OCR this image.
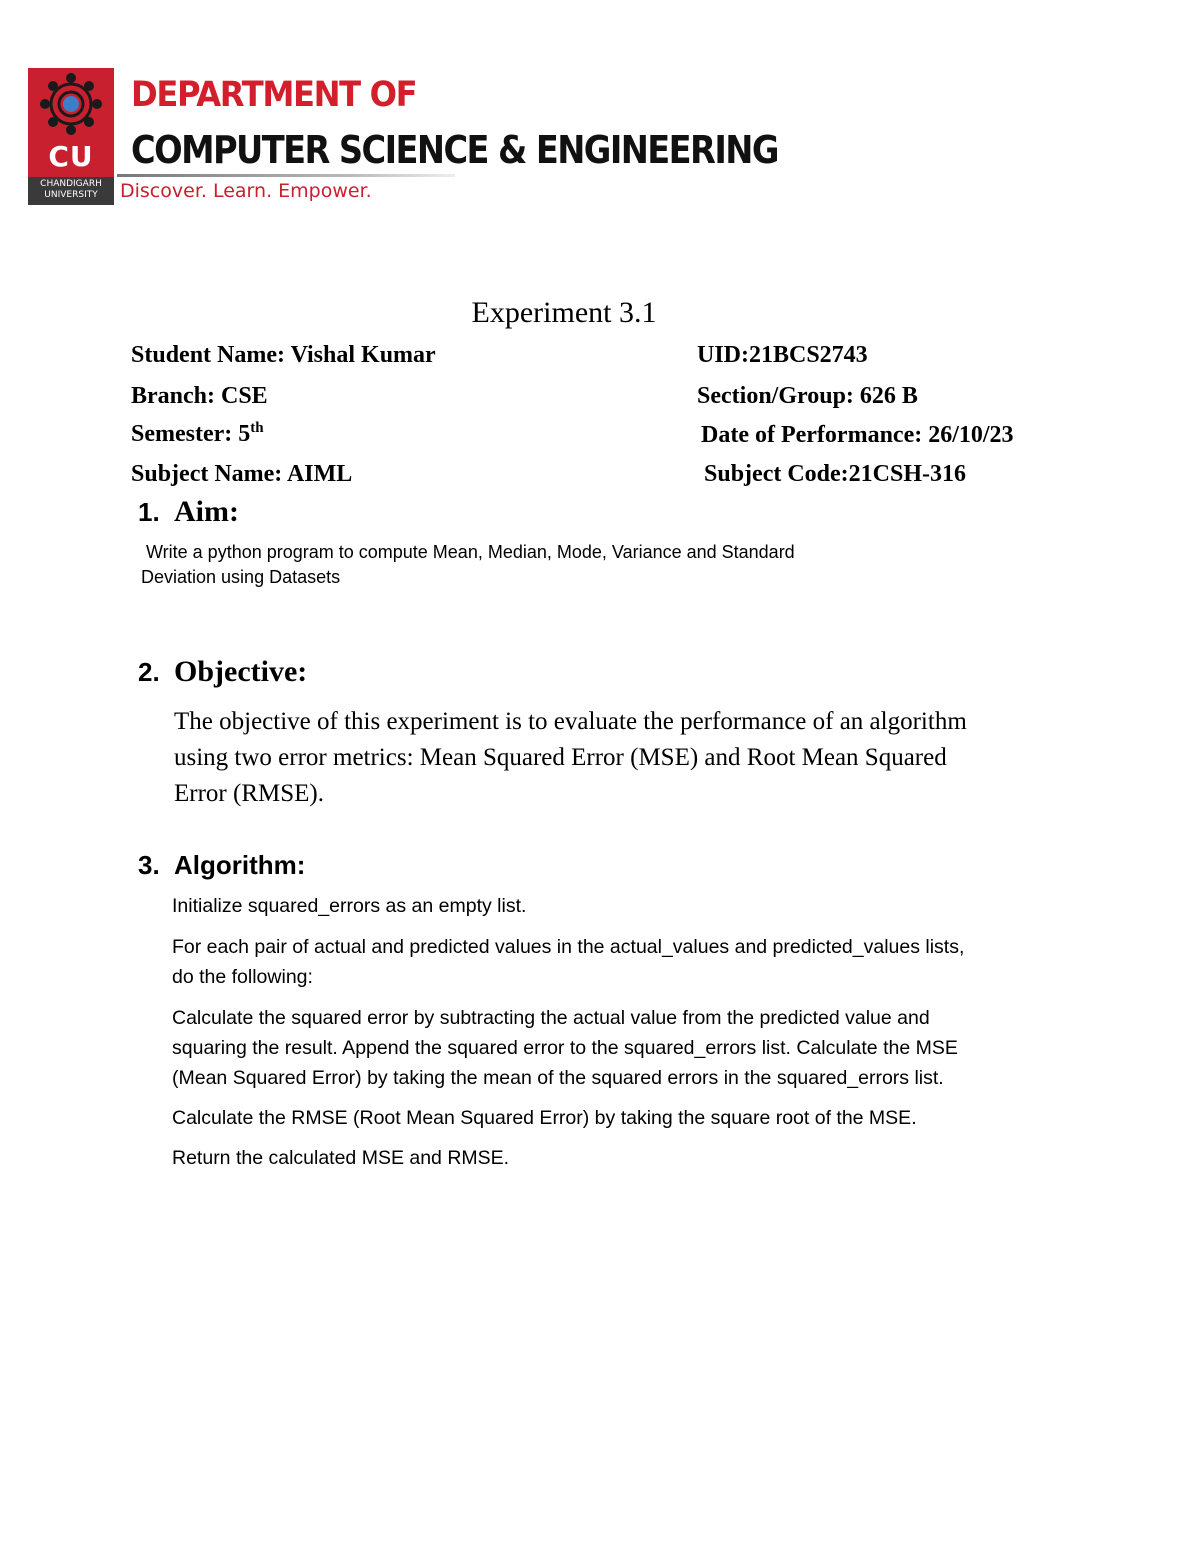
CU
CHANDIGARH
UNIVERSITY
DEPARTMENT OF
COMPUTER SCIENCE & ENGINEERING
Discover. Learn. Empower.
Experiment 3.1
Student Name: Vishal Kumar	UID:21BCS2743
Branch: CSE	Section/Group: 626 B
Semester: 5th	Date of Performance: 26/10/23
Subject Name: AIML	Subject Code:21CSH-316
1. Aim:
Write a python program to compute Mean, Median, Mode, Variance and Standard
Deviation using Datasets
2. Objective:
The objective of this experiment is to evaluate the performance of an algorithm
using two error metrics: Mean Squared Error (MSE) and Root Mean Squared
Error (RMSE).
3. Algorithm:
Initialize squared_errors as an empty list.
For each pair of actual and predicted values in the actual_values and predicted_values lists,
do the following:
Calculate the squared error by subtracting the actual value from the predicted value and
squaring the result. Append the squared error to the squared_errors list. Calculate the MSE
(Mean Squared Error) by taking the mean of the squared errors in the squared_errors list.
Calculate the RMSE (Root Mean Squared Error) by taking the square root of the MSE.
Return the calculated MSE and RMSE.
